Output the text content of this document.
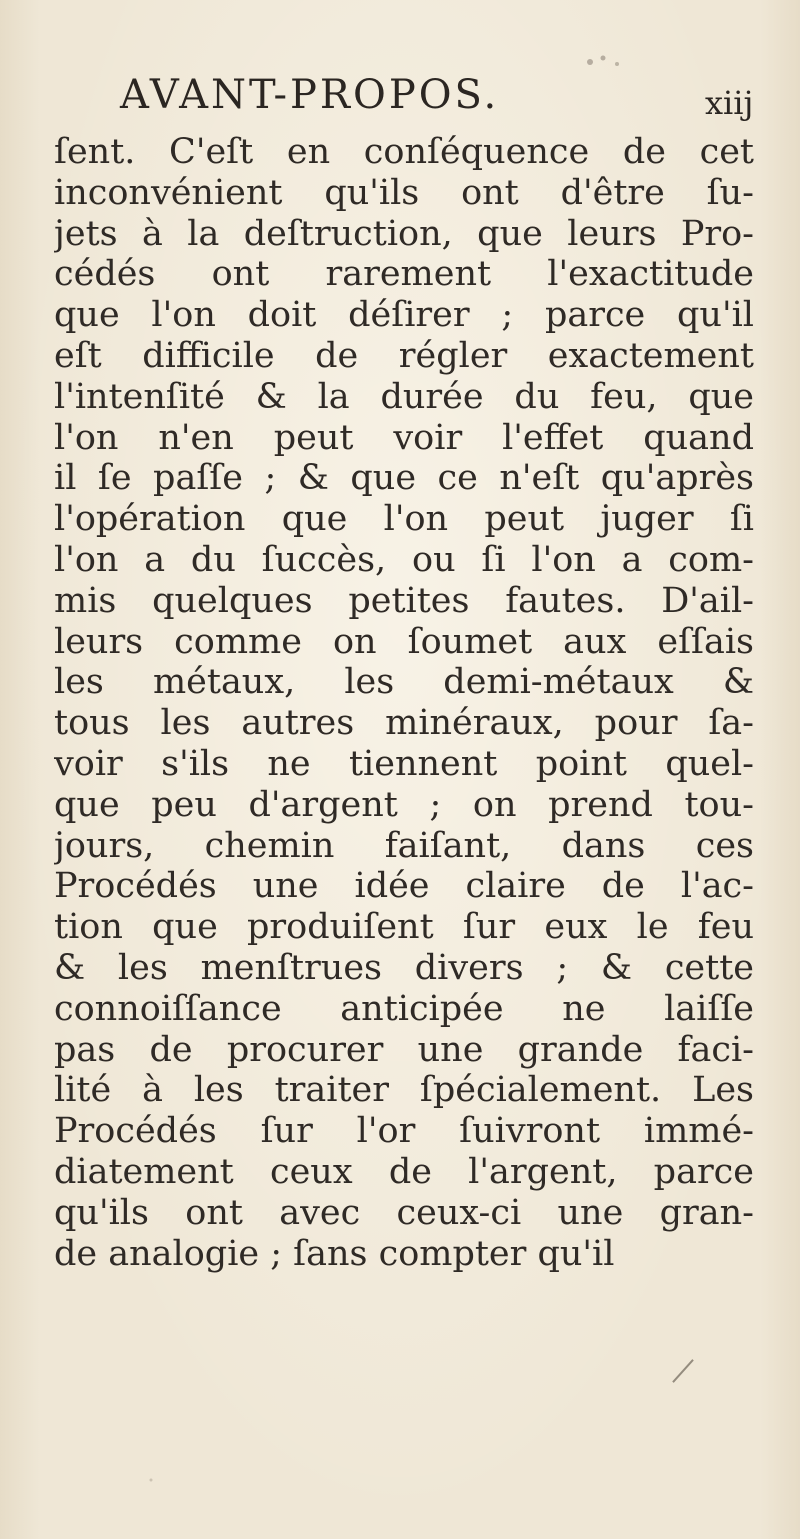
AVANT-PROPOS.	xiij
ſent. C'eſt en conſéquence de cet
inconvénient qu'ils ont d'être ſu-
jets à la deſtruction, que leurs Pro-
cédés ont rarement l'exactitude
que l'on doit déſirer ; parce qu'il
eſt difficile de régler exactement
l'intenſité & la durée du feu, que
l'on n'en peut voir l'effet quand
il ſe paſſe ; & que ce n'eſt qu'après
l'opération que l'on peut juger ſi
l'on a du ſuccès, ou ſi l'on a com-
mis quelques petites fautes. D'ail-
leurs comme on ſoumet aux eſſais
les métaux, les demi-métaux &
tous les autres minéraux, pour ſa-
voir s'ils ne tiennent point quel-
que peu d'argent ; on prend tou-
jours, chemin faiſant, dans ces
Procédés une idée claire de l'ac-
tion que produiſent ſur eux le feu
& les menſtrues divers ; & cette
connoiſſance anticipée ne laiſſe
pas de procurer une grande faci-
lité à les traiter ſpécialement. Les
Procédés ſur l'or ſuivront immé-
diatement ceux de l'argent, parce
qu'ils ont avec ceux-ci une gran-
de analogie ; ſans compter qu'il
